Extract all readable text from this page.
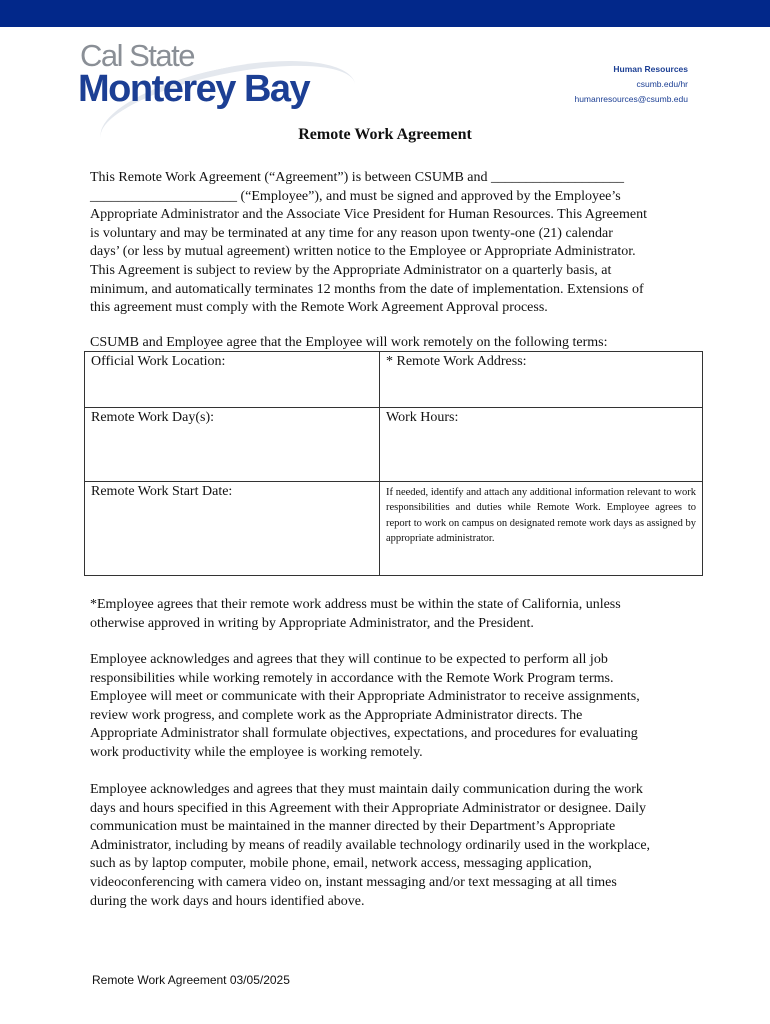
Cal State
Monterey Bay	Human Resources
csumb.edu/hr
humanresources@csumb.edu
Remote Work Agreement
This Remote Work Agreement (“Agreement”) is between CSUMB and ___________________
_____________________ (“Employee”), and must be signed and approved by the Employee’s
Appropriate Administrator and the Associate Vice President for Human Resources. This Agreement
is voluntary and may be terminated at any time for any reason upon twenty-one (21) calendar
days’ (or less by mutual agreement) written notice to the Employee or Appropriate Administrator.
This Agreement is subject to review by the Appropriate Administrator on a quarterly basis, at
minimum, and automatically terminates 12 months from the date of implementation. Extensions of
this agreement must comply with the Remote Work Agreement Approval process.
CSUMB and Employee agree that the Employee will work remotely on the following terms:
Official Work Location:	* Remote Work Address:
Remote Work Day(s):	Work Hours:
Remote Work Start Date:	If needed, identify and attach any additional information relevant to work responsibilities and duties while Remote Work. Employee agrees to report to work on campus on designated remote work days as assigned by appropriate administrator.
*Employee agrees that their remote work address must be within the state of California, unless
otherwise approved in writing by Appropriate Administrator, and the President.
Employee acknowledges and agrees that they will continue to be expected to perform all job
responsibilities while working remotely in accordance with the Remote Work Program terms.
Employee will meet or communicate with their Appropriate Administrator to receive assignments,
review work progress, and complete work as the Appropriate Administrator directs. The
Appropriate Administrator shall formulate objectives, expectations, and procedures for evaluating
work productivity while the employee is working remotely.
Employee acknowledges and agrees that they must maintain daily communication during the work
days and hours specified in this Agreement with their Appropriate Administrator or designee. Daily
communication must be maintained in the manner directed by their Department’s Appropriate
Administrator, including by means of readily available technology ordinarily used in the workplace,
such as by laptop computer, mobile phone, email, network access, messaging application,
videoconferencing with camera video on, instant messaging and/or text messaging at all times
during the work days and hours identified above.
Remote Work Agreement 03/05/2025
